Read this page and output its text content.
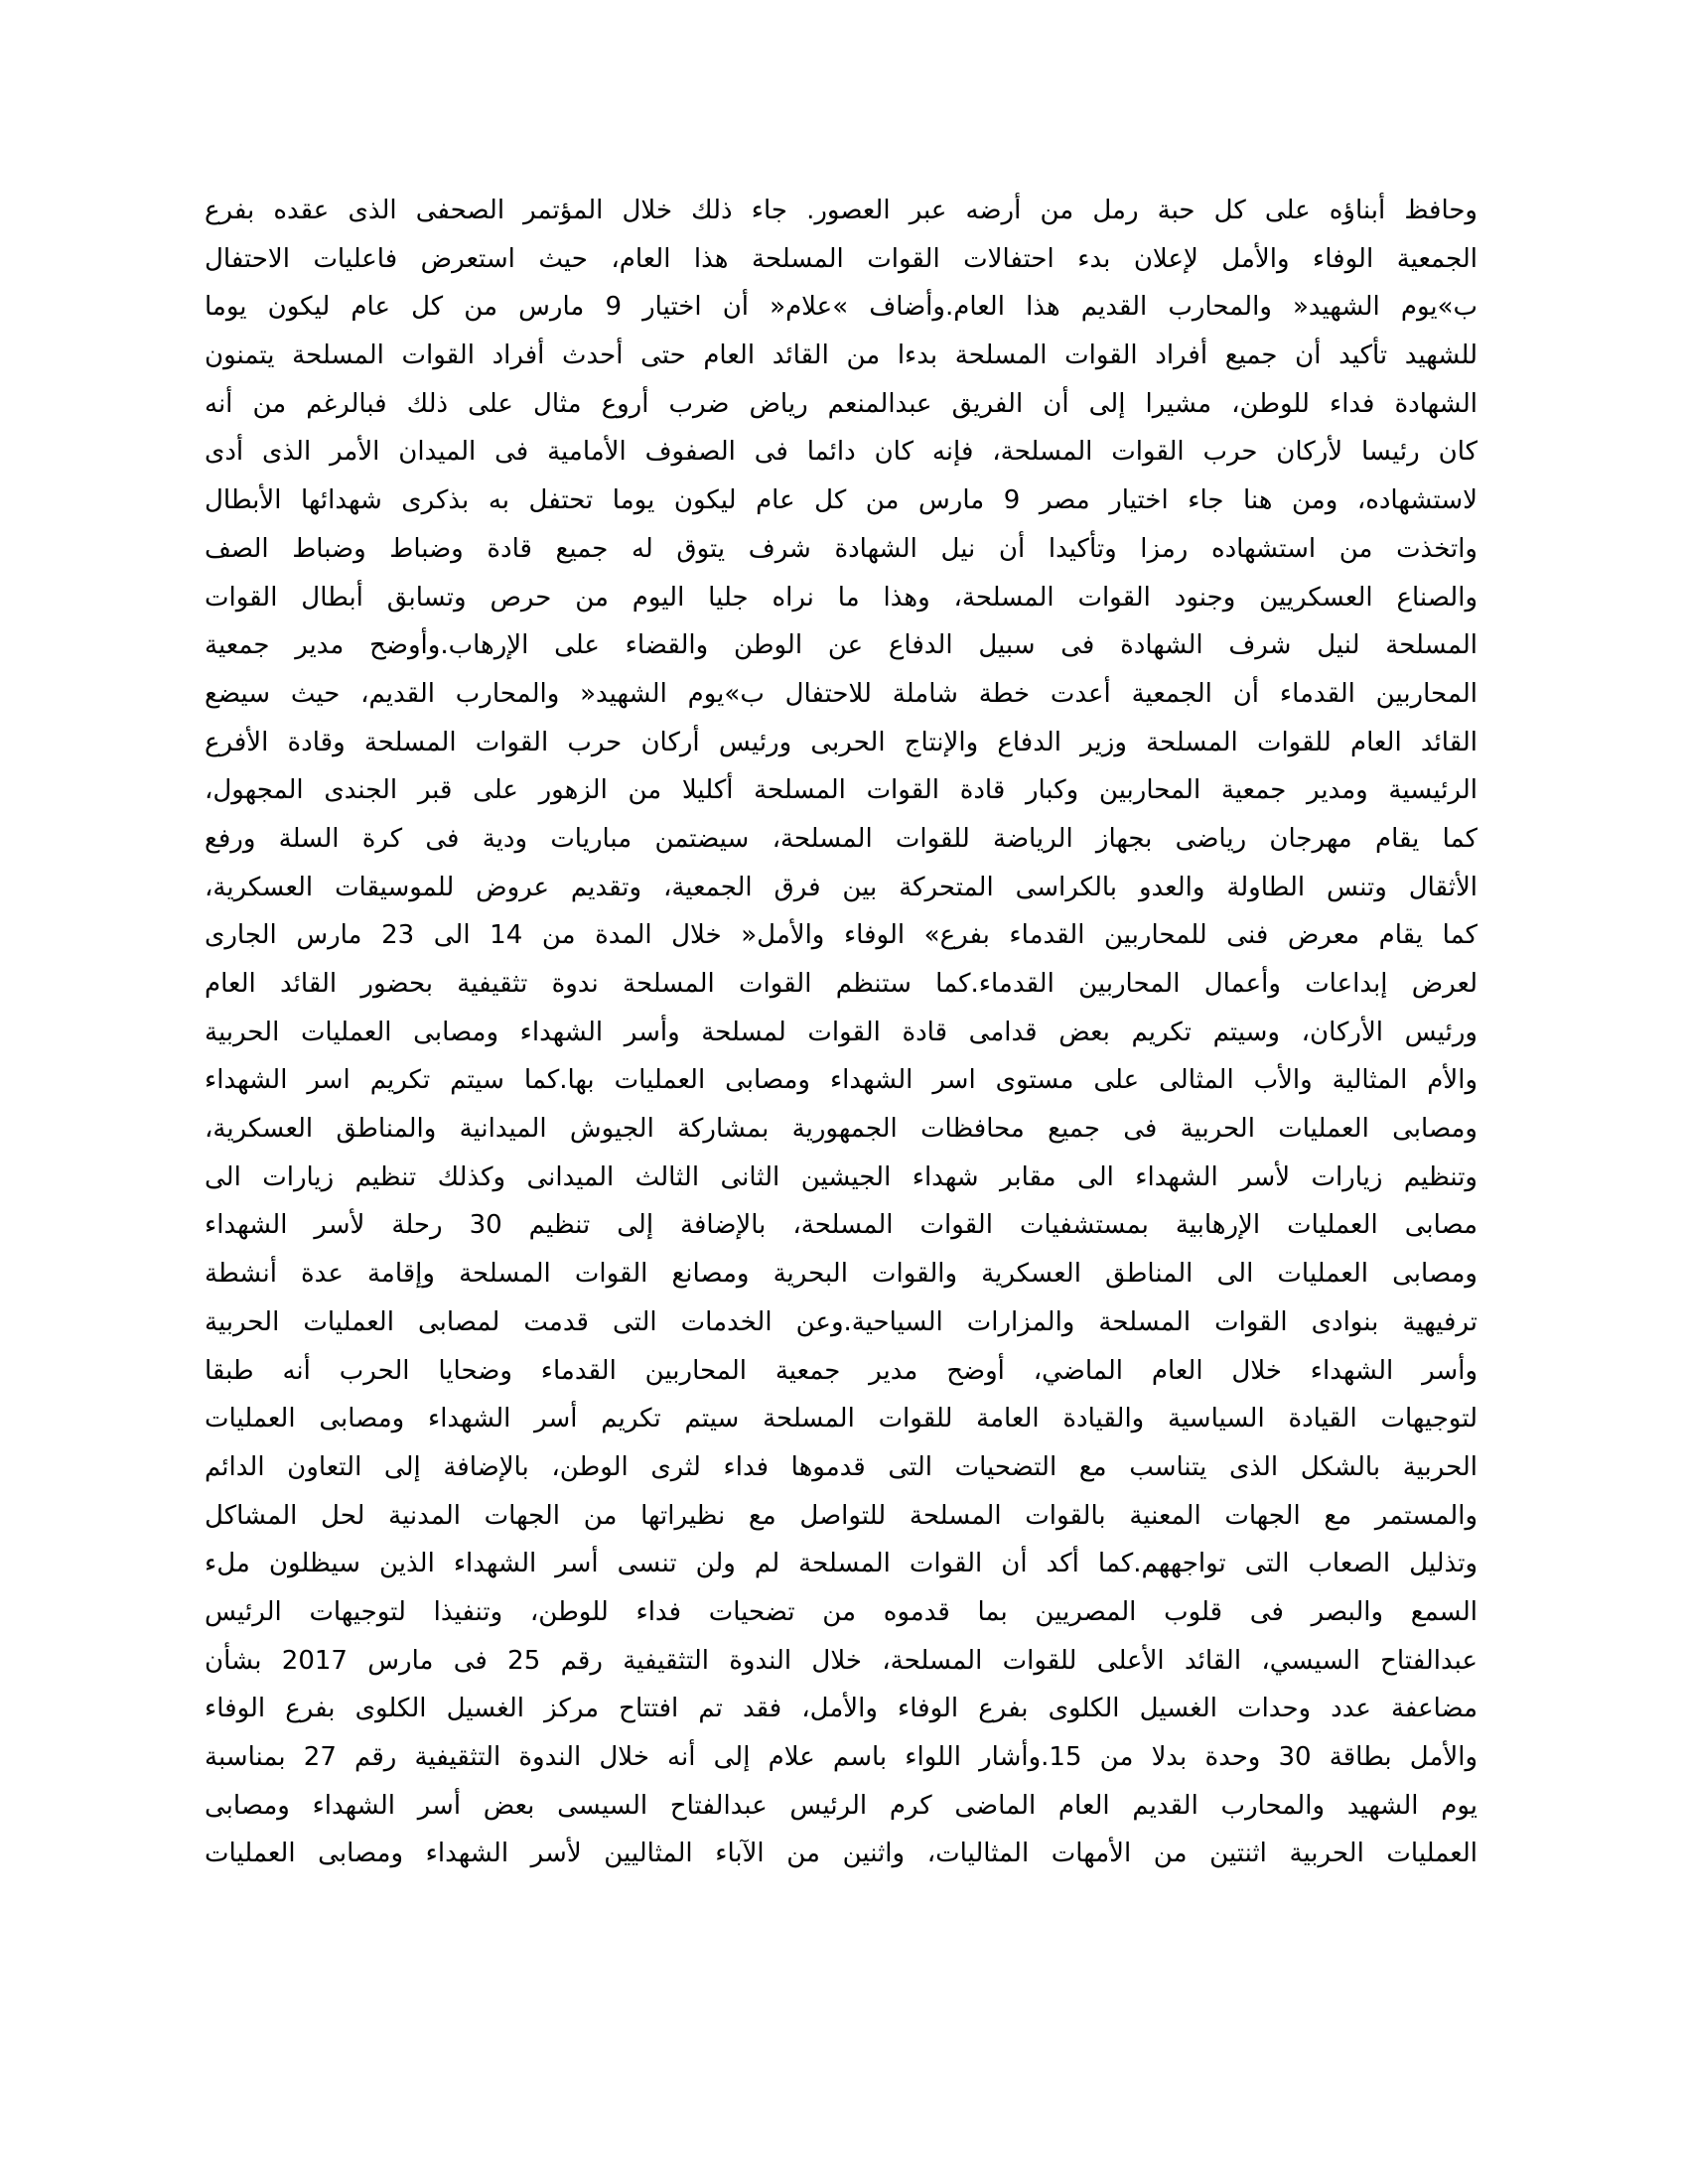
وحافظ أبناؤه على كل حبة رمل من أرضه عبر العصور. جاء ذلك خلال المؤتمر الصحفى الذى عقده بفرع
الجمعية الوفاء والأمل لإعلان بدء احتفالات القوات المسلحة هذا العام، حيث استعرض فاعليات الاحتفال
ب»يوم الشهيد« والمحارب القديم هذا العام.وأضاف »علام« أن اختيار 9 مارس من كل عام ليكون يوما
للشهيد تأكيد أن جميع أفراد القوات المسلحة بدءا من القائد العام حتى أحدث أفراد القوات المسلحة يتمنون
الشهادة فداء للوطن، مشيرا إلى أن الفريق عبدالمنعم رياض ضرب أروع مثال على ذلك فبالرغم من أنه
كان رئيسا لأركان حرب القوات المسلحة، فإنه كان دائما فى الصفوف الأمامية فى الميدان الأمر الذى أدى
لاستشهاده، ومن هنا جاء اختيار مصر 9 مارس من كل عام ليكون يوما تحتفل به بذكرى شهدائها الأبطال
واتخذت من استشهاده رمزا وتأكيدا أن نيل الشهادة شرف يتوق له جميع قادة وضباط وضباط الصف
والصناع العسكريين وجنود القوات المسلحة، وهذا ما نراه جليا اليوم من حرص وتسابق أبطال القوات
المسلحة لنيل شرف الشهادة فى سبيل الدفاع عن الوطن والقضاء على الإرهاب.وأوضح مدير جمعية
المحاربين القدماء أن الجمعية أعدت خطة شاملة للاحتفال ب»يوم الشهيد« والمحارب القديم، حيث سيضع
القائد العام للقوات المسلحة وزير الدفاع والإنتاج الحربى ورئيس أركان حرب القوات المسلحة وقادة الأفرع
الرئيسية ومدير جمعية المحاربين وكبار قادة القوات المسلحة أكليلا من الزهور على قبر الجندى المجهول،
كما يقام مهرجان رياضى بجهاز الرياضة للقوات المسلحة، سيضتمن مباريات ودية فى كرة السلة ورفع
الأثقال وتنس الطاولة والعدو بالكراسى المتحركة بين فرق الجمعية، وتقديم عروض للموسيقات العسكرية،
كما يقام معرض فنى للمحاربين القدماء بفرع» الوفاء والأمل« خلال المدة من 14 الى 23 مارس الجارى
لعرض إبداعات وأعمال المحاربين القدماء.كما ستنظم القوات المسلحة ندوة تثقيفية بحضور القائد العام
ورئيس الأركان، وسيتم تكريم بعض قدامى قادة القوات لمسلحة وأسر الشهداء ومصابى العمليات الحربية
والأم المثالية والأب المثالى على مستوى اسر الشهداء ومصابى العمليات بها.كما سيتم تكريم اسر الشهداء
ومصابى العمليات الحربية فى جميع محافظات الجمهورية بمشاركة الجيوش الميدانية والمناطق العسكرية،
وتنظيم زيارات لأسر الشهداء الى مقابر شهداء الجيشين الثانى الثالث الميدانى وكذلك تنظيم زيارات الى
مصابى العمليات الإرهابية بمستشفيات القوات المسلحة، بالإضافة إلى تنظيم 30 رحلة لأسر الشهداء
ومصابى العمليات الى المناطق العسكرية والقوات البحرية ومصانع القوات المسلحة وإقامة عدة أنشطة
ترفيهية بنوادى القوات المسلحة والمزارات السياحية.وعن الخدمات التى قدمت لمصابى العمليات الحربية
وأسر الشهداء خلال العام الماضي، أوضح مدير جمعية المحاربين القدماء وضحايا الحرب أنه طبقا
لتوجيهات القيادة السياسية والقيادة العامة للقوات المسلحة سيتم تكريم أسر الشهداء ومصابى العمليات
الحربية بالشكل الذى يتناسب مع التضحيات التى قدموها فداء لثرى الوطن، بالإضافة إلى التعاون الدائم
والمستمر مع الجهات المعنية بالقوات المسلحة للتواصل مع نظيراتها من الجهات المدنية لحل المشاكل
وتذليل الصعاب التى تواجههم.كما أكد أن القوات المسلحة لم ولن تنسى أسر الشهداء الذين سيظلون ملء
السمع والبصر فى قلوب المصريين بما قدموه من تضحيات فداء للوطن، وتنفيذا لتوجيهات الرئيس
عبدالفتاح السيسي، القائد الأعلى للقوات المسلحة، خلال الندوة التثقيفية رقم 25 فى مارس 2017 بشأن
مضاعفة عدد وحدات الغسيل الكلوى بفرع الوفاء والأمل، فقد تم افتتاح مركز الغسيل الكلوى بفرع الوفاء
والأمل بطاقة 30 وحدة بدلا من 15.وأشار اللواء باسم علام إلى أنه خلال الندوة التثقيفية رقم 27 بمناسبة
يوم الشهيد والمحارب القديم العام الماضى كرم الرئيس عبدالفتاح السيسى بعض أسر الشهداء ومصابى
العمليات الحربية اثنتين من الأمهات المثاليات، واثنين من الآباء المثاليين لأسر الشهداء ومصابى العمليات
